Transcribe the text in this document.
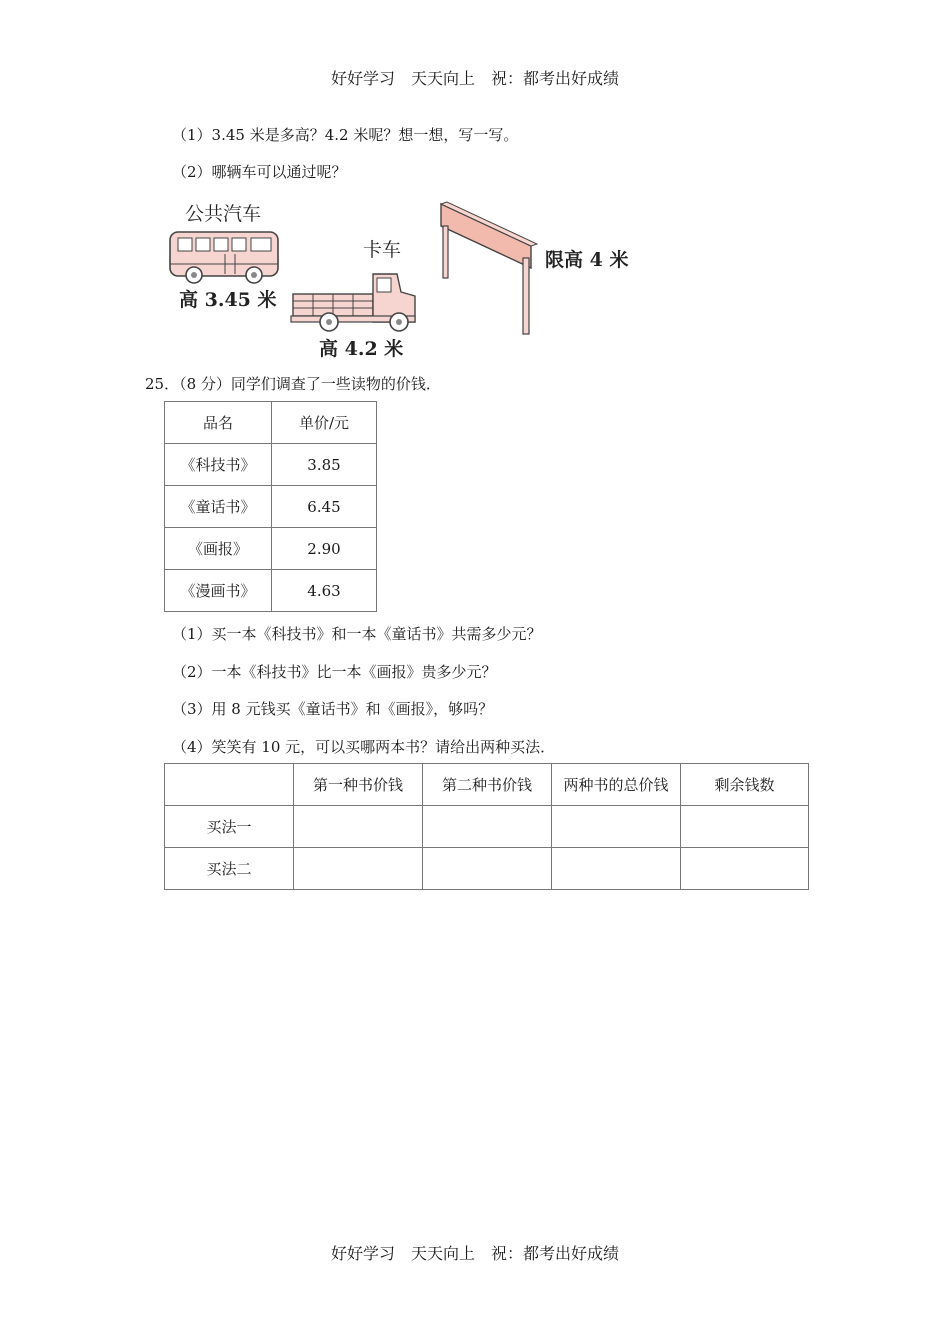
好好学习　天天向上　祝：都考出好成绩
（1）3.45 米是多高？4.2 米呢？想一想，写一写。
（2）哪辆车可以通过呢？
公共汽车
高 3.45 米
卡车
高 4.2 米
限高 4 米
25．（8 分）同学们调查了一些读物的价钱．
品名	单价/元
《科技书》	3.85
《童话书》	6.45
《画报》	2.90
《漫画书》	4.63
（1）买一本《科技书》和一本《童话书》共需多少元？
（2）一本《科技书》比一本《画报》贵多少元？
（3）用 8 元钱买《童话书》和《画报》，够吗？
（4）笑笑有 10 元，可以买哪两本书？请给出两种买法．
	第一种书价钱	第二种书价钱	两种书的总价钱	剩余钱数
买法一				
买法二				
好好学习　天天向上　祝：都考出好成绩
